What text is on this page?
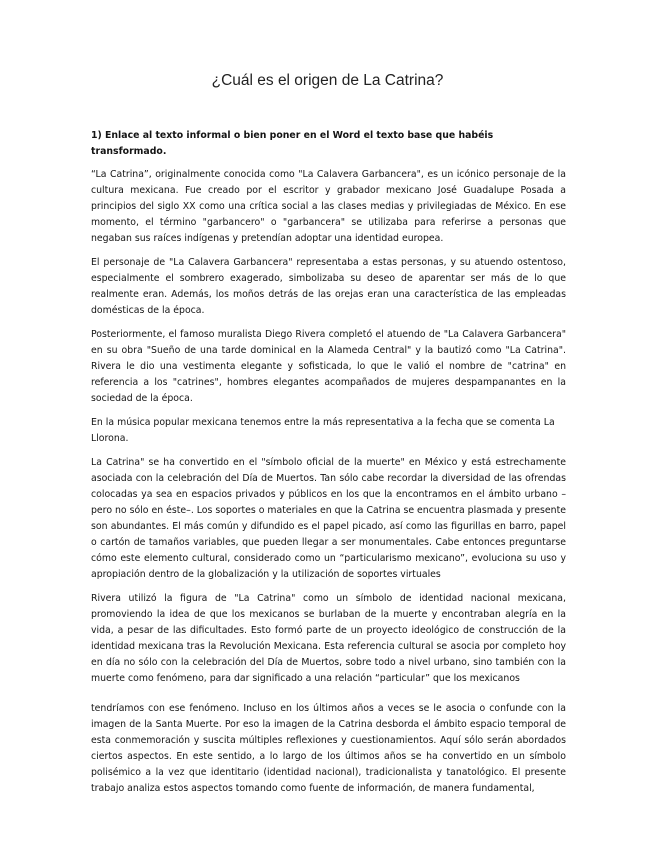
¿Cuál es el origen de La Catrina?

1) Enlace al texto informal o bien poner en el Word el texto base que habéis transformado.

“La Catrina”, originalmente conocida como "La Calavera Garbancera", es un icónico personaje de la cultura mexicana. Fue creado por el escritor y grabador mexicano José Guadalupe Posada a principios del siglo XX como una crítica social a las clases medias y privilegiadas de México. En ese momento, el término "garbancero" o "garbancera" se utilizaba para referirse a personas que negaban sus raíces indígenas y pretendían adoptar una identidad europea.

El personaje de "La Calavera Garbancera" representaba a estas personas, y su atuendo ostentoso, especialmente el sombrero exagerado, simbolizaba su deseo de aparentar ser más de lo que realmente eran. Además, los moños detrás de las orejas eran una característica de las empleadas domésticas de la época.

Posteriormente, el famoso muralista Diego Rivera completó el atuendo de "La Calavera Garbancera" en su obra "Sueño de una tarde dominical en la Alameda Central" y la bautizó como "La Catrina". Rivera le dio una vestimenta elegante y sofisticada, lo que le valió el nombre de "catrina" en referencia a los "catrines", hombres elegantes acompañados de mujeres despampanantes en la sociedad de la época.

En la música popular mexicana tenemos entre la más representativa a la fecha que se comenta La Llorona.

La Catrina" se ha convertido en el "símbolo oficial de la muerte" en México y está estrechamente asociada con la celebración del Día de Muertos. Tan sólo cabe recordar la diversidad de las ofrendas colocadas ya sea en espacios privados y públicos en los que la encontramos en el ámbito urbano –pero no sólo en éste–. Los soportes o materiales en que la Catrina se encuentra plasmada y presente son abundantes. El más común y difundido es el papel picado, así como las figurillas en barro, papel o cartón de tamaños variables, que pueden llegar a ser monumentales. Cabe entonces preguntarse cómo este elemento cultural, considerado como un “particularismo mexicano”, evoluciona su uso y apropiación dentro de la globalización y la utilización de soportes virtuales

Rivera utilizó la figura de "La Catrina" como un símbolo de identidad nacional mexicana, promoviendo la idea de que los mexicanos se burlaban de la muerte y encontraban alegría en la vida, a pesar de las dificultades. Esto formó parte de un proyecto ideológico de construcción de la identidad mexicana tras la Revolución Mexicana. Esta referencia cultural se asocia por completo hoy en día no sólo con la celebración del Día de Muertos, sobre todo a nivel urbano, sino también con la muerte como fenómeno, para dar significado a una relación “particular” que los mexicanos

tendríamos con ese fenómeno. Incluso en los últimos años a veces se le asocia o confunde con la imagen de la Santa Muerte. Por eso la imagen de la Catrina desborda el ámbito espacio temporal de esta conmemoración y suscita múltiples reflexiones y cuestionamientos. Aquí sólo serán abordados ciertos aspectos. En este sentido, a lo largo de los últimos años se ha convertido en un símbolo polisémico a la vez que identitario (identidad nacional), tradicionalista y tanatológico. El presente trabajo analiza estos aspectos tomando como fuente de información, de manera fundamental,
